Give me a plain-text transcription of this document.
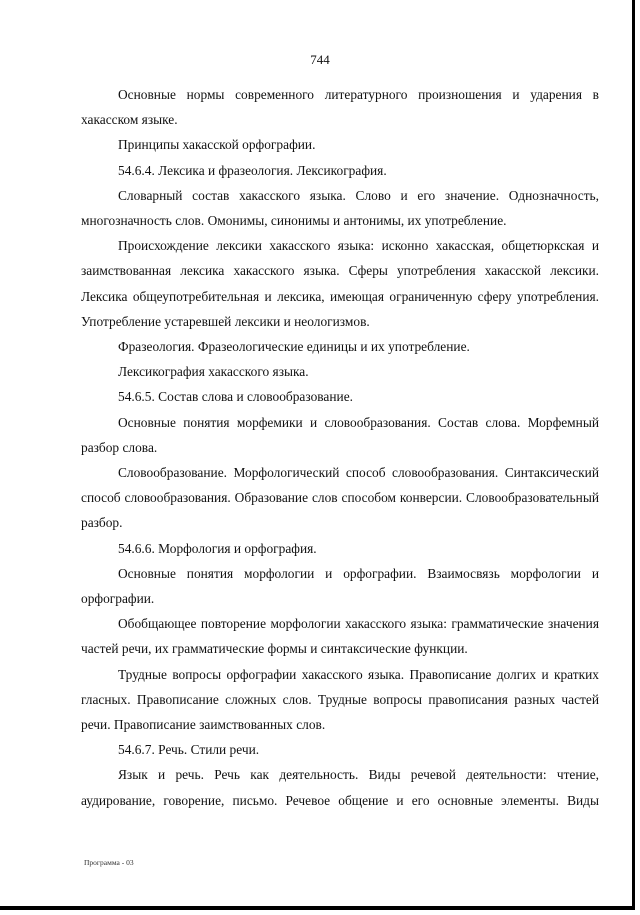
744

Основные нормы современного литературного произношения и ударения в хакасском языке.

Принципы хакасской орфографии.

54.6.4. Лексика и фразеология. Лексикография.

Словарный состав хакасского языка. Слово и его значение. Однозначность, многозначность слов. Омонимы, синонимы и антонимы, их употребление.

Происхождение лексики хакасского языка: исконно хакасская, общетюркская и заимствованная лексика хакасского языка. Сферы употребления хакасской лексики. Лексика общеупотребительная и лексика, имеющая ограниченную сферу употребления. Употребление устаревшей лексики и неологизмов.

Фразеология. Фразеологические единицы и их употребление.

Лексикография хакасского языка.

54.6.5. Состав слова и словообразование.

Основные понятия морфемики и словообразования. Состав слова. Морфемный разбор слова.

Словообразование. Морфологический способ словообразования. Синтаксический способ словообразования. Образование слов способом конверсии. Словообразовательный разбор.

54.6.6. Морфология и орфография.

Основные понятия морфологии и орфографии. Взаимосвязь морфологии и орфографии.

Обобщающее повторение морфологии хакасского языка: грамматические значения частей речи, их грамматические формы и синтаксические функции.

Трудные вопросы орфографии хакасского языка. Правописание долгих и кратких гласных. Правописание сложных слов. Трудные вопросы правописания разных частей речи. Правописание заимствованных слов.

54.6.7. Речь. Стили речи.

Язык и речь. Речь как деятельность. Виды речевой деятельности: чтение, аудирование, говорение, письмо. Речевое общение и его основные элементы. Виды

Программа - 03
